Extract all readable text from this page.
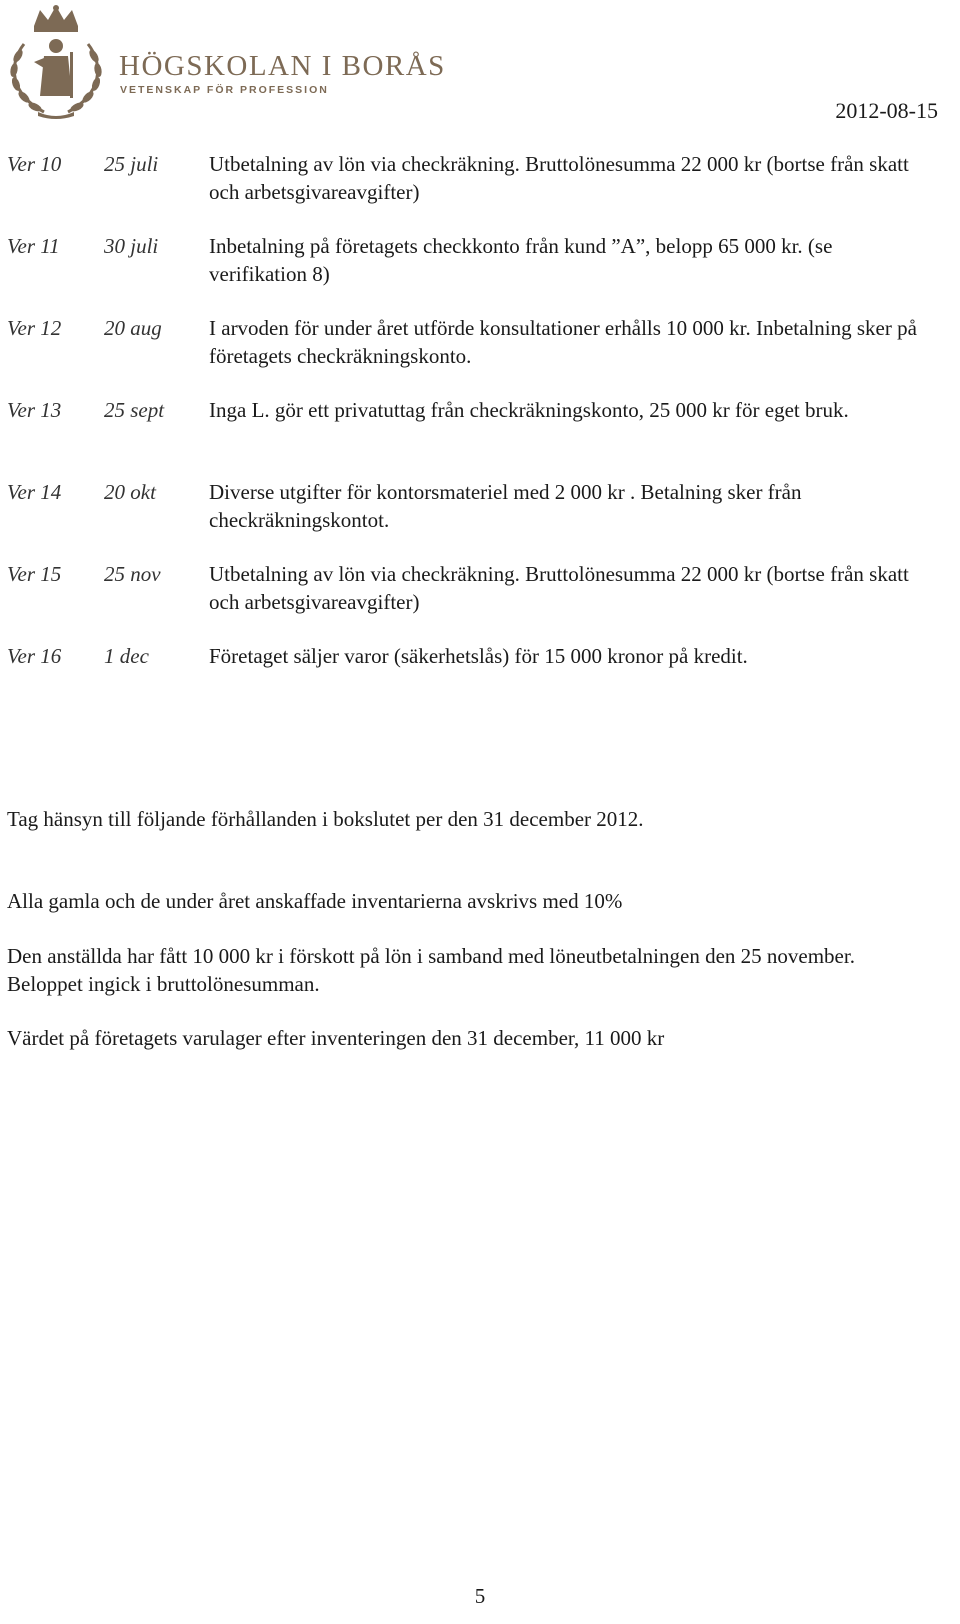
HÖGSKOLAN I BORÅS
VETENSKAP FÖR PROFESSION
2012-08-15
Ver 10 25 juli Utbetalning av lön via checkräkning. Bruttolönesumma 22 000 kr (bortse från skatt och arbetsgivareavgifter)
Ver 11 30 juli Inbetalning på företagets checkkonto från kund ”A”, belopp 65 000 kr. (se verifikation 8)
Ver 12 20 aug I arvoden för under året utförde konsultationer erhålls 10 000 kr. Inbetalning sker på företagets checkräkningskonto.
Ver 13 25 sept Inga L. gör ett privatuttag från checkräkningskonto, 25 000 kr för eget bruk.
Ver 14 20 okt	Diverse utgifter för kontorsmateriel med 2 000 kr . Betalning sker från checkräkningskontot.
Ver 15 25 nov Utbetalning av lön via checkräkning. Bruttolönesumma 22 000 kr (bortse från skatt och arbetsgivareavgifter)
Ver 16 1 dec	Företaget säljer varor (säkerhetslås) för 15 000 kronor på kredit.
Tag hänsyn till följande förhållanden i bokslutet per den 31 december 2012.
Alla gamla och de under året anskaffade inventarierna avskrivs med 10%
Den anställda har fått 10 000 kr i förskott på lön i samband med löneutbetalningen den 25 november. Beloppet ingick i bruttolönesumman.
Värdet på företagets varulager efter inventeringen den 31 december, 11 000 kr
5
